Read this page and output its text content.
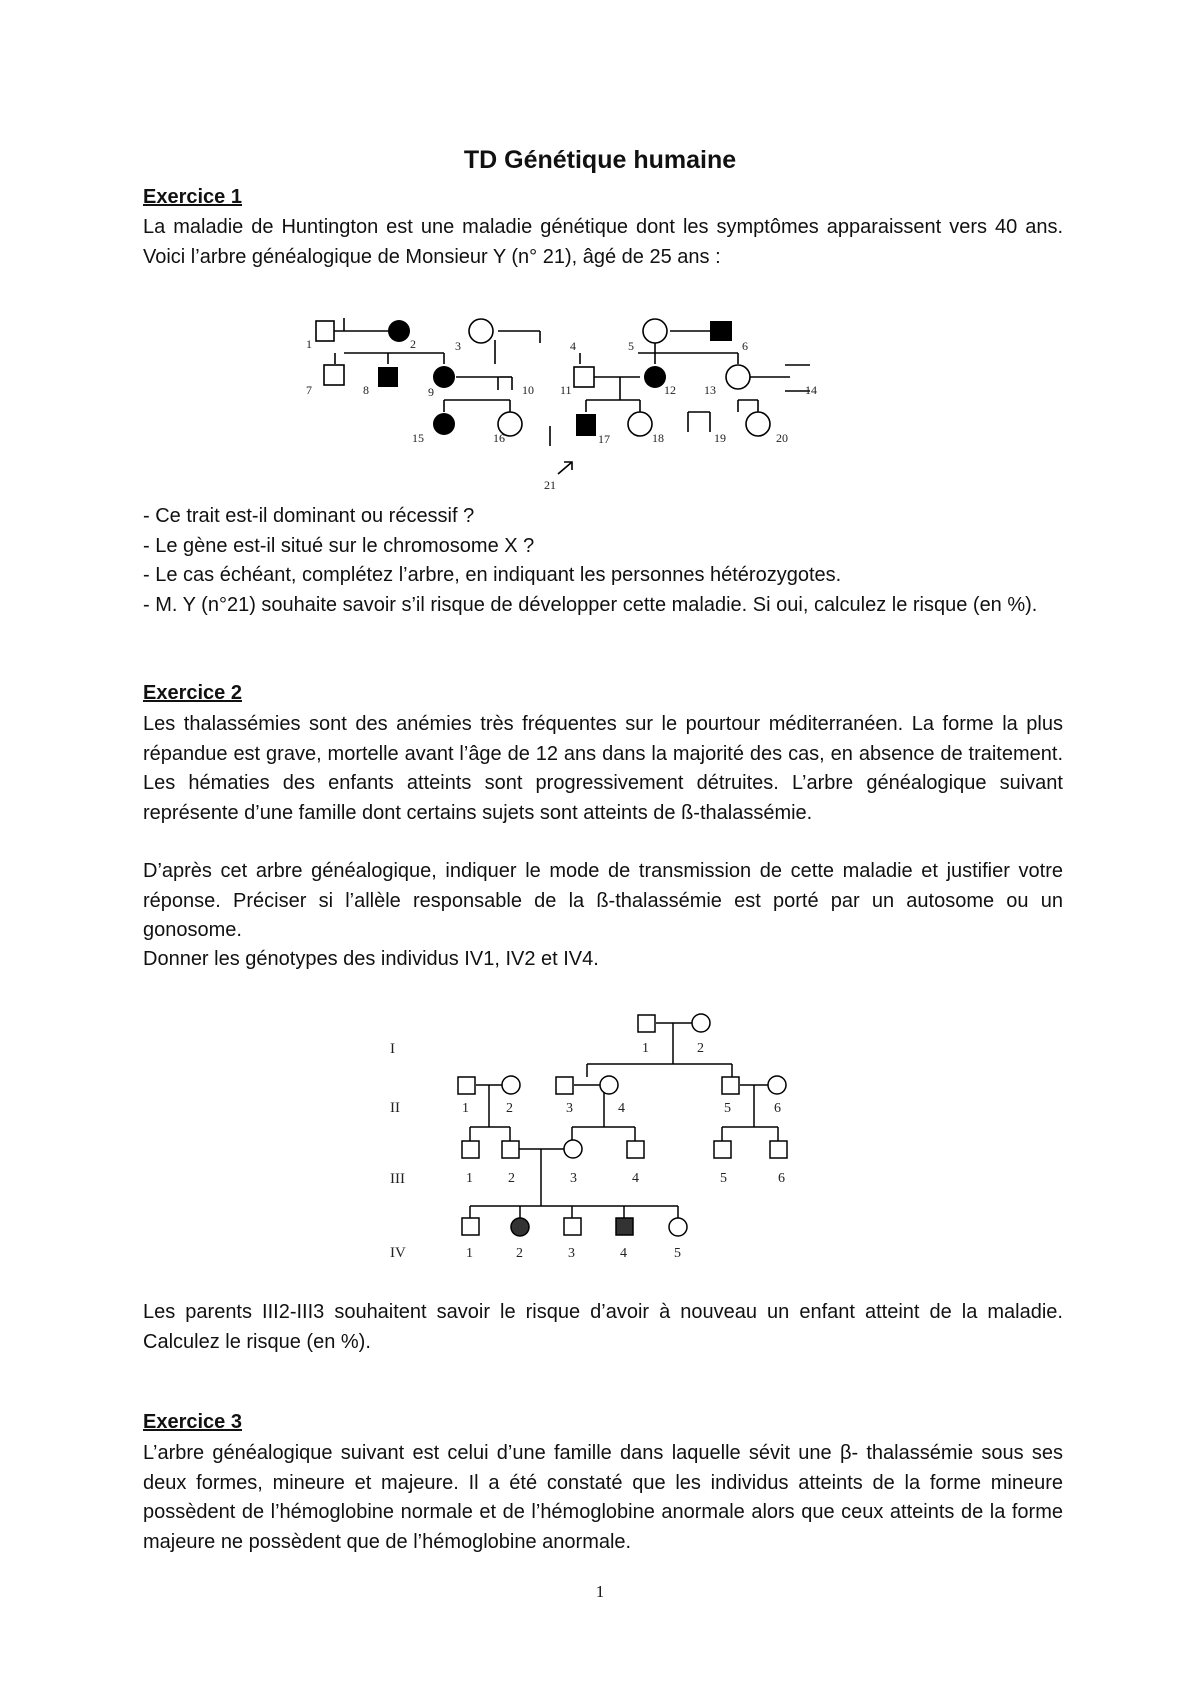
TD Génétique humaine
Exercice 1

La maladie de Huntington est une maladie génétique dont les symptômes apparaissent vers 40 ans. Voici l’arbre généalogique de Monsieur Y (n° 21), âgé de 25 ans :

1	2	3	4	5	6
7	8	9	10 11	12 13	14
15	16	17	18	19	20
21
- Ce trait est-il dominant ou récessif ?
- Le gène est-il situé sur le chromosome X ?
- Le cas échéant, complétez l’arbre, en indiquant les personnes hétérozygotes.
- M. Y (n°21) souhaite savoir s’il risque de développer cette maladie. Si oui, calculez le risque (en %).
Exercice 2

Les thalassémies sont des anémies très fréquentes sur le pourtour méditerranéen. La forme la plus répandue est grave, mortelle avant l’âge de 12 ans dans la majorité des cas, en absence de traitement. Les hématies des enfants atteints sont progressivement détruites. L’arbre généalogique suivant représente d’une famille dont certains sujets sont atteints de ß-thalassémie.

D’après cet arbre généalogique, indiquer le mode de transmission de cette maladie et justifier votre réponse. Préciser si l’allèle responsable de la ß-thalassémie est porté par un autosome ou un gonosome.

Donner les génotypes des individus IV1, IV2 et IV4.

I
II
III
IV
1	2
1	2	3	4	5	6
1	2	3	4	5	6
1	2	3	4	5

Les parents III2-III3 souhaitent savoir le risque d’avoir à nouveau un enfant atteint de la maladie. Calculez le risque (en %).

Exercice 3

L’arbre généalogique suivant est celui d’une famille dans laquelle sévit une β- thalassémie sous ses deux formes, mineure et majeure. Il a été constaté que les individus atteints de la forme mineure possèdent de l’hémoglobine normale et de l’hémoglobine anormale alors que ceux atteints de la forme majeure ne possèdent que de l’hémoglobine anormale.

1
